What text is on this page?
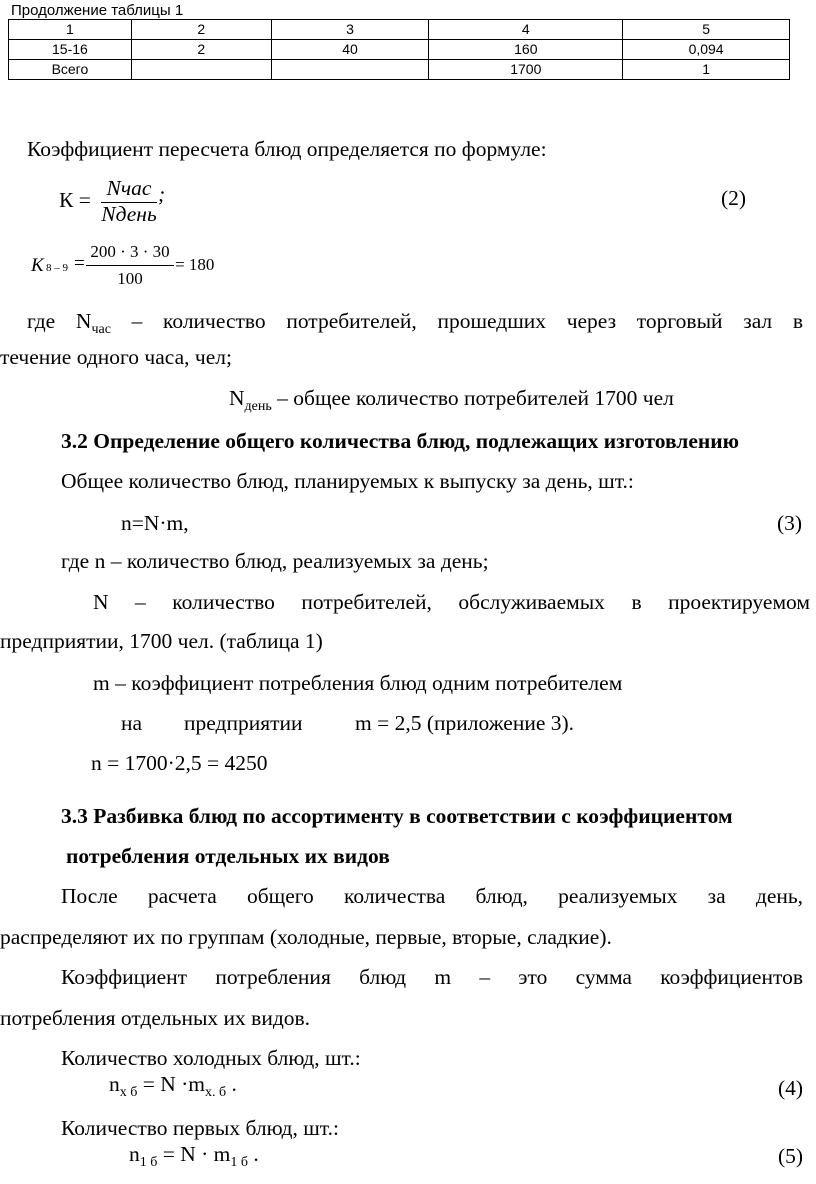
Продолжение таблицы 1
1	2	3	4	5
15-16	2	40	160	0,094
Всего			1700	1
Коэффициент пересчета блюд определяется по формуле:
К = Nчас
Nдень
;	(2)
К 8 – 9 =
200 · 3 · 30
100
= 180
где $N_{час}$ – количество потребителей, прошедших через торговый зал в
течение одного часа, чел;
$N_{день}$ – общее количество потребителей 1700 чел
3.2 Определение общего количества блюд, подлежащих изготовлению
Общее количество блюд, планируемых к выпуску за день, шт.:
n=N·m,	(3)
где n – количество блюд, реализуемых за день;
N – количество потребителей, обслуживаемых в проектируемом
предприятии, 1700 чел. (таблица 1)
m – коэффициент потребления блюд одним потребителем
на предприятии m = 2,5 (приложение 3).
n = 1700·2,5 = 4250
3.3 Разбивка блюд по ассортименту в соответствии с коэффициентом
потребления отдельных их видов
После расчета общего количества блюд, реализуемых за день,
распределяют их по группам (холодные, первые, вторые, сладкие).
Коэффициент потребления блюд m – это сумма коэффициентов
потребления отдельных их видов.
Количество холодных блюд, шт.:
$n_{х б} = N \cdot m_{х. б}$ .	(4)
Количество первых блюд, шт.:
$n_{1 б} = N \cdot m_{1 б}$ .	(5)
